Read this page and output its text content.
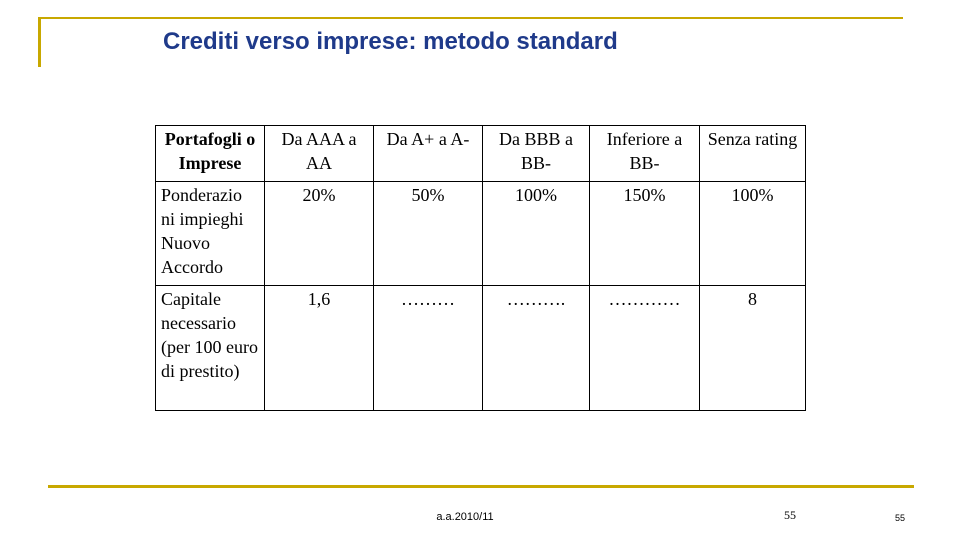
Crediti verso imprese: metodo standard
Portafogli o Imprese	Da AAA a AA	Da A+ a A-	Da BBB a BB-	Inferiore a BB-	Senza rating
Ponderazio ni impieghi Nuovo Accordo	20%	50%	100%	150%	100%
Capitale necessario (per 100 euro di prestito)	1,6	………	……….	…………	8
a.a.2010/11	55	55
